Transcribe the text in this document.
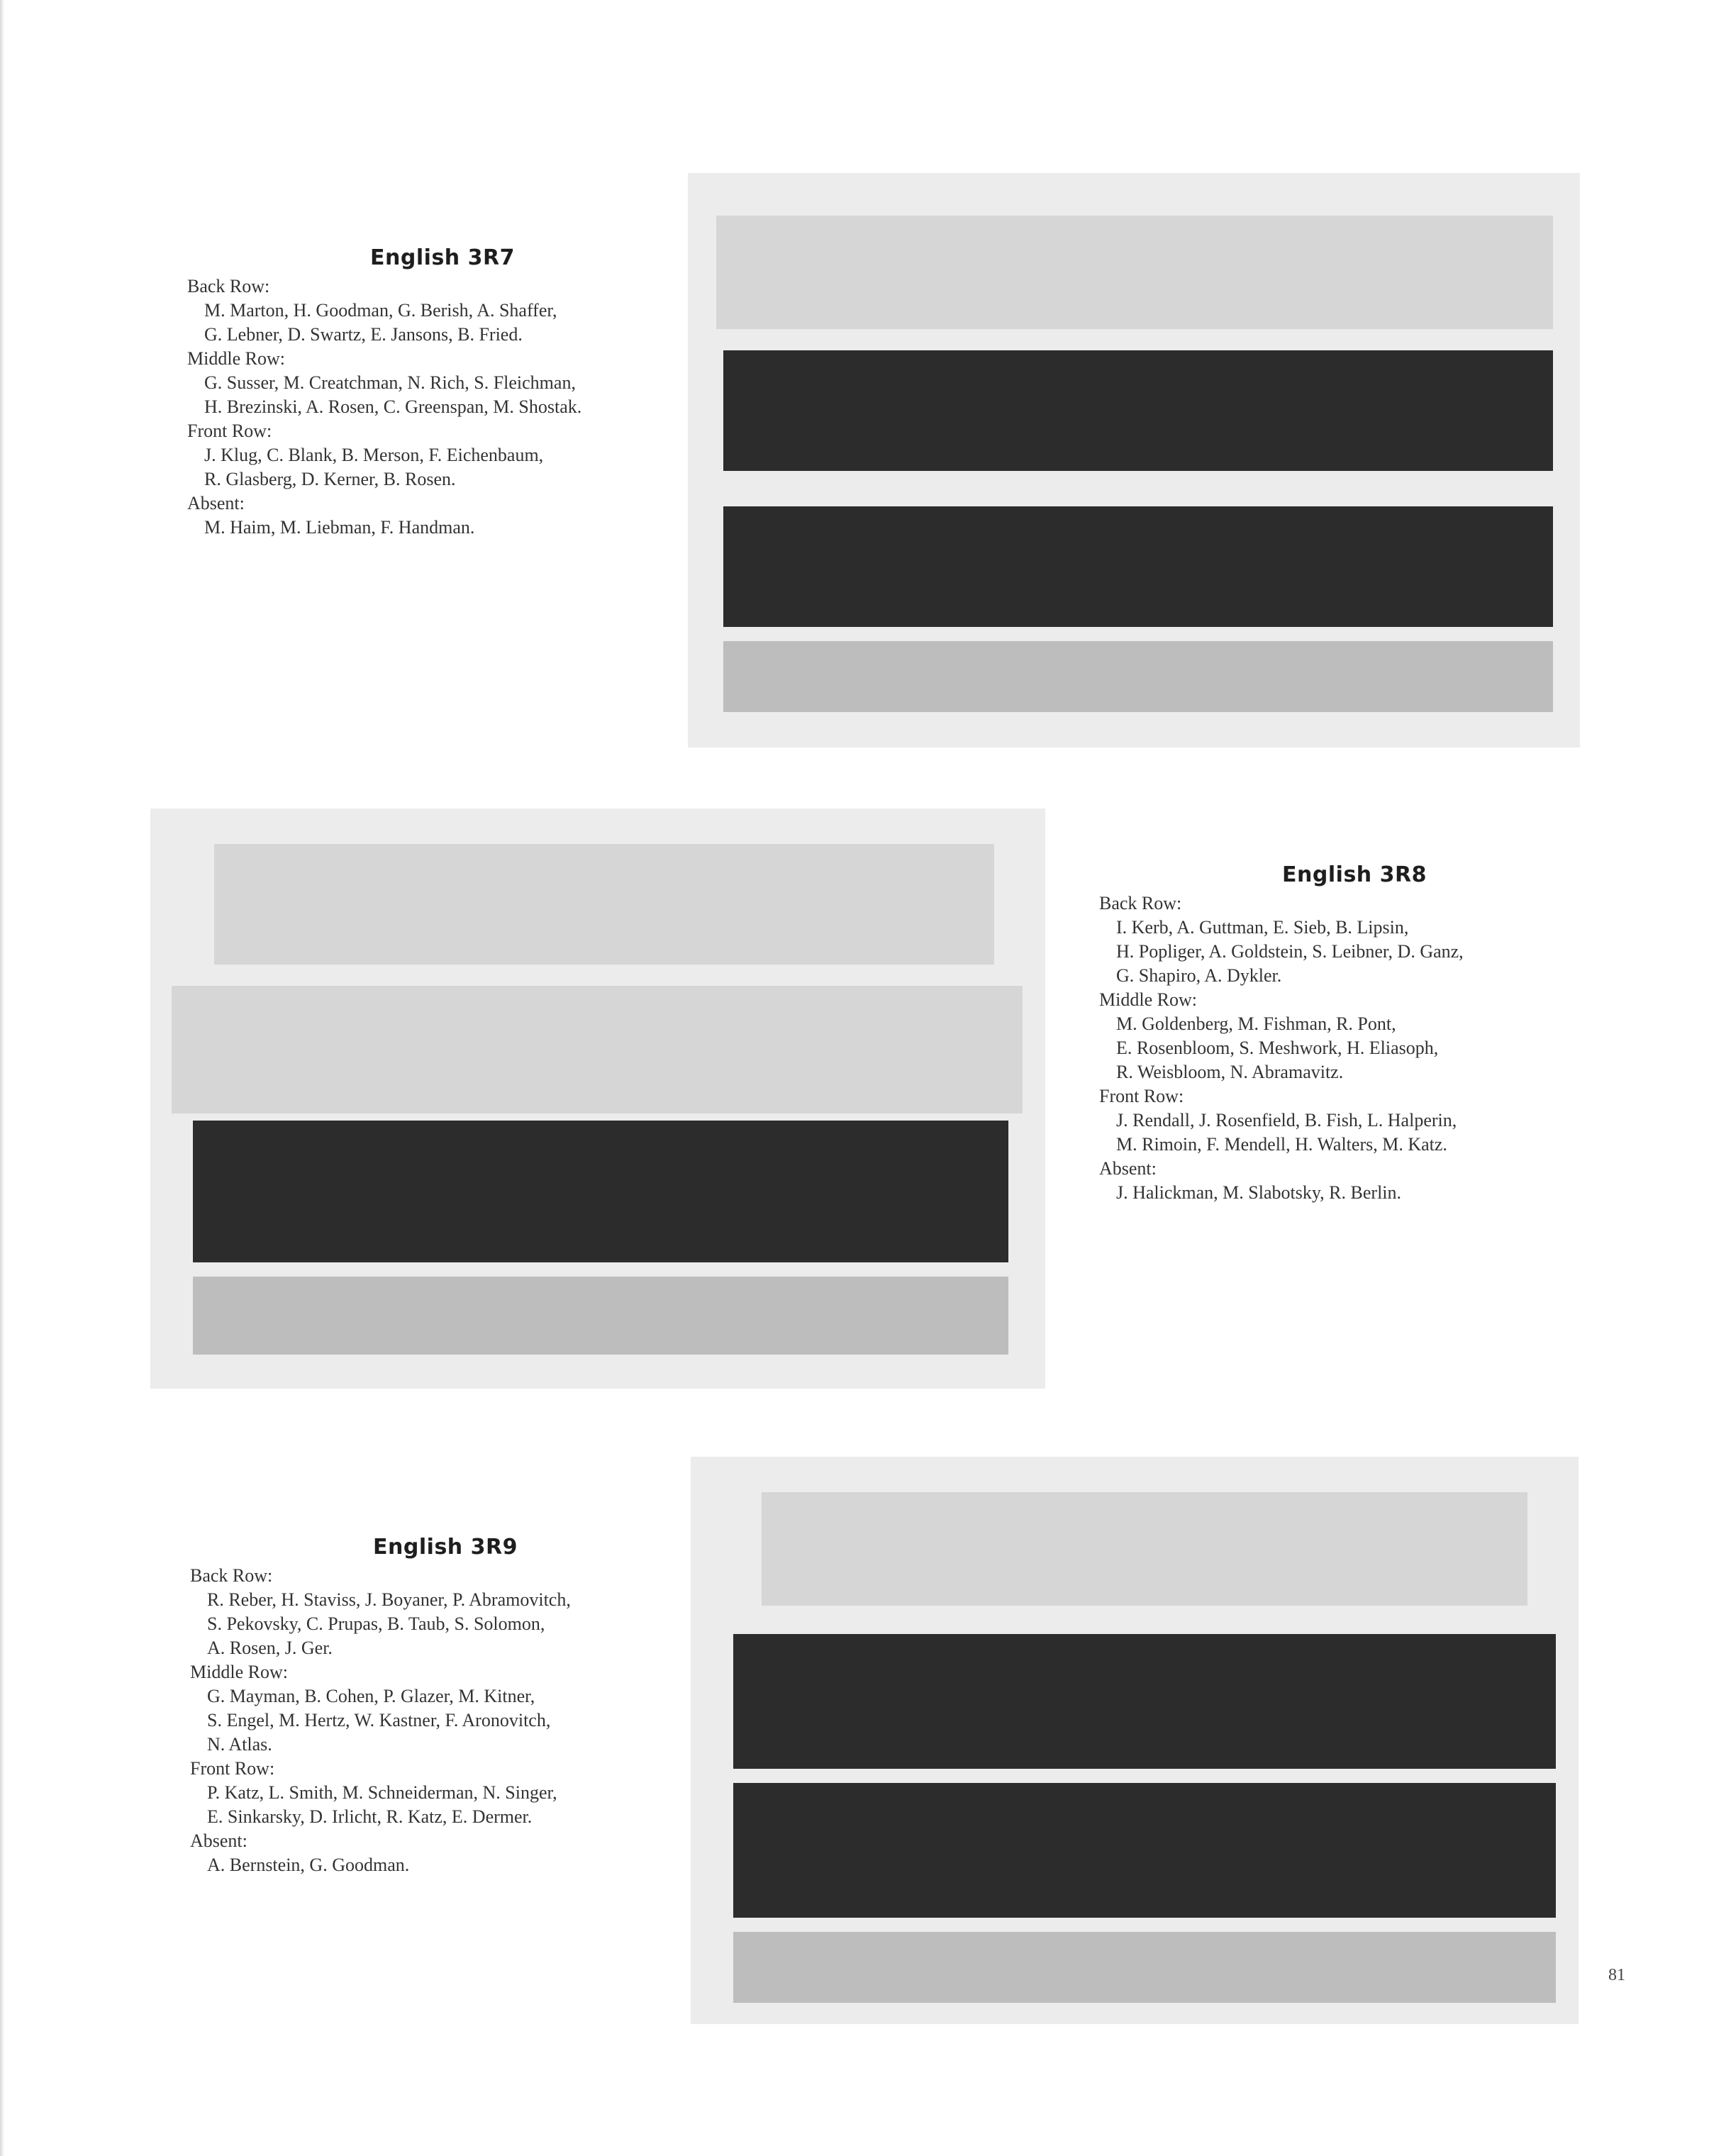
English 3R7
Back Row:
M. Marton, H. Goodman, G. Berish, A. Shaffer,
G. Lebner, D. Swartz, E. Jansons, B. Fried.
Middle Row:
G. Susser, M. Creatchman, N. Rich, S. Fleichman,
H. Brezinski, A. Rosen, C. Greenspan, M. Shostak.
Front Row:
J. Klug, C. Blank, B. Merson, F. Eichenbaum,
R. Glasberg, D. Kerner, B. Rosen.
Absent:
M. Haim, M. Liebman, F. Handman.
English 3R8
Back Row:
I. Kerb, A. Guttman, E. Sieb, B. Lipsin,
H. Popliger, A. Goldstein, S. Leibner, D. Ganz,
G. Shapiro, A. Dykler.
Middle Row:
M. Goldenberg, M. Fishman, R. Pont,
E. Rosenbloom, S. Meshwork, H. Eliasoph,
R. Weisbloom, N. Abramavitz.
Front Row:
J. Rendall, J. Rosenfield, B. Fish, L. Halperin,
M. Rimoin, F. Mendell, H. Walters, M. Katz.
Absent:
J. Halickman, M. Slabotsky, R. Berlin.
English 3R9
Back Row:
R. Reber, H. Staviss, J. Boyaner, P. Abramovitch,
S. Pekovsky, C. Prupas, B. Taub, S. Solomon,
A. Rosen, J. Ger.
Middle Row:
G. Mayman, B. Cohen, P. Glazer, M. Kitner,
S. Engel, M. Hertz, W. Kastner, F. Aronovitch,
N. Atlas.
Front Row:
P. Katz, L. Smith, M. Schneiderman, N. Singer,
E. Sinkarsky, D. Irlicht, R. Katz, E. Dermer.
Absent:
A. Bernstein, G. Goodman.
81
